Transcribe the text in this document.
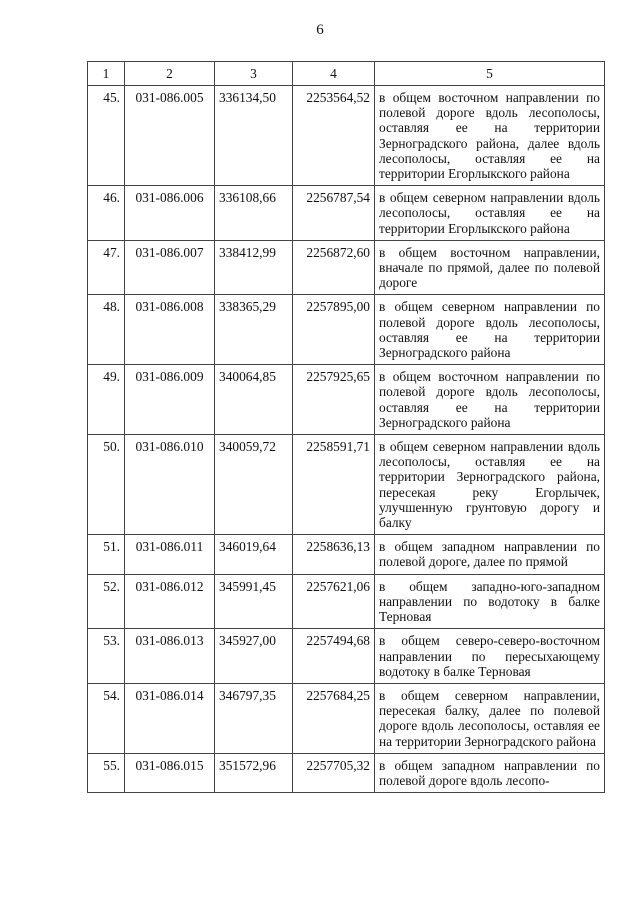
6
1	2	3	4	5
45.	031-086.005	336134,50	2253564,52	в общем восточном направлении по полевой дороге вдоль лесополосы, оставляя ее на территории Зерноградского района, далее вдоль лесополосы, оставляя ее на территории Егорлыкского района
46.	031-086.006	336108,66	2256787,54	в общем северном направлении вдоль лесополосы, оставляя ее на территории Егорлыкского района
47.	031-086.007	338412,99	2256872,60	в общем восточном направлении, вначале по прямой, далее по полевой дороге
48.	031-086.008	338365,29	2257895,00	в общем северном направлении по полевой дороге вдоль лесополосы, оставляя ее на территории Зерноградского района
49.	031-086.009	340064,85	2257925,65	в общем восточном направлении по полевой дороге вдоль лесополосы, оставляя ее на территории Зерноградского района
50.	031-086.010	340059,72	2258591,71	в общем северном направлении вдоль лесополосы, оставляя ее на территории Зерноградского района, пересекая реку Егорлычек, улучшенную грунтовую дорогу и балку
51.	031-086.011	346019,64	2258636,13	в общем западном направлении по полевой дороге, далее по прямой
52.	031-086.012	345991,45	2257621,06	в общем западно-юго-западном направлении по водотоку в балке Терновая
53.	031-086.013	345927,00	2257494,68	в общем северо-северо-восточном направлении по пересыхающему водотоку в балке Терновая
54.	031-086.014	346797,35	2257684,25	в общем северном направлении, пересекая балку, далее по полевой дороге вдоль лесополосы, оставляя ее на территории Зерноградского района
55.	031-086.015	351572,96	2257705,32	в общем западном направлении по полевой дороге вдоль лесопо-
